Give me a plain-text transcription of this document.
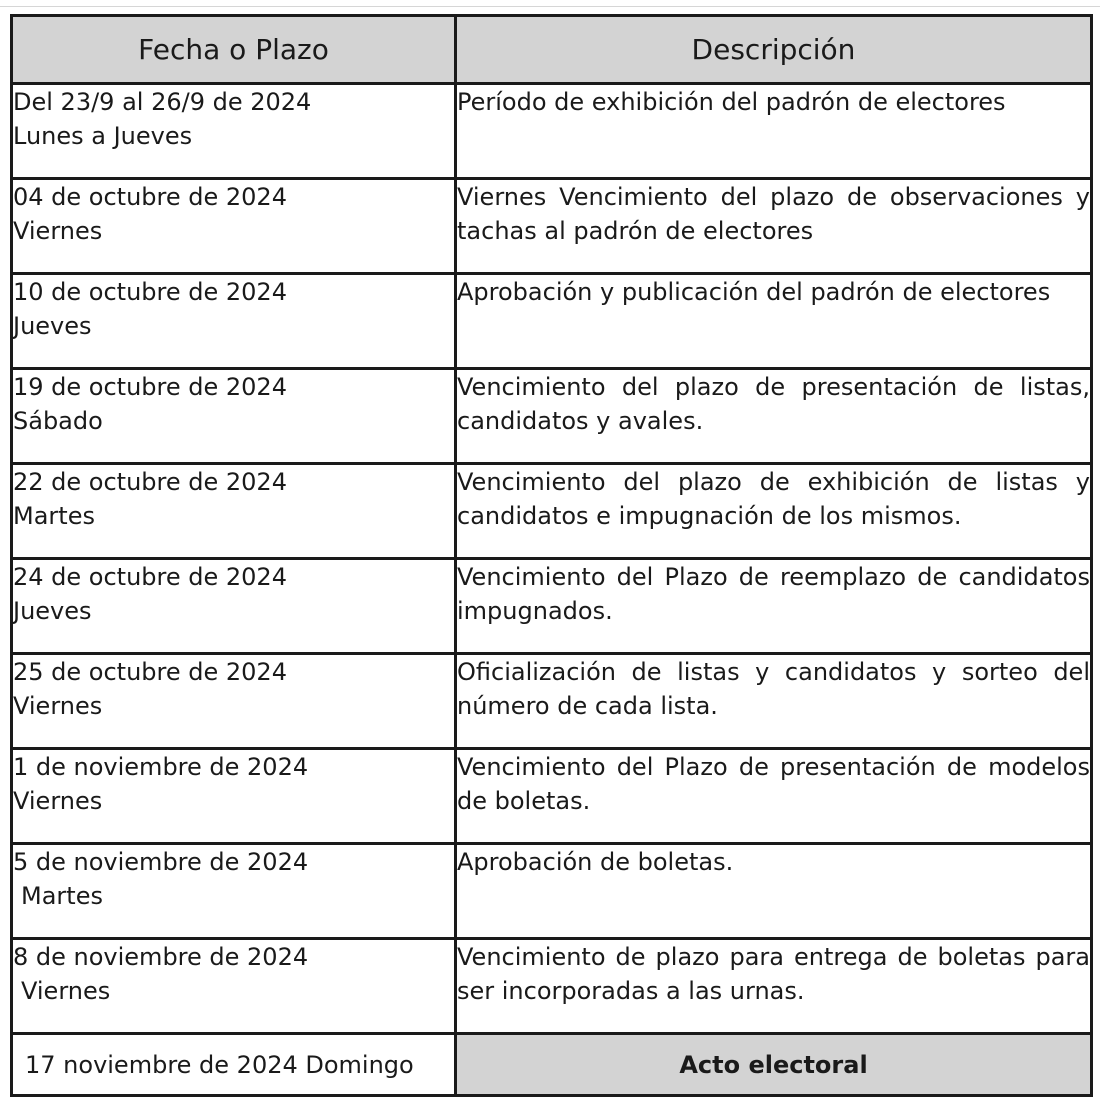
Fecha o Plazo	Descripción

Del 23/9 al 26/9 de 2024
Lunes a Jueves	Período de exhibición del padrón de electores

04 de octubre de 2024
Viernes	Viernes Vencimiento del plazo de observaciones y tachas al padrón de electores

10 de octubre de 2024
Jueves	Aprobación y publicación del padrón de electores

19 de octubre de 2024
Sábado	Vencimiento del plazo de presentación de listas, candidatos y avales.

22 de octubre de 2024
Martes	Vencimiento del plazo de exhibición de listas y candidatos e impugnación de los mismos.

24 de octubre de 2024
Jueves	Vencimiento del Plazo de reemplazo de candidatos impugnados.

25 de octubre de 2024
Viernes	Oficialización de listas y candidatos y sorteo del número de cada lista.

1 de noviembre de 2024
Viernes	Vencimiento del Plazo de presentación de modelos de boletas.

5 de noviembre de 2024
Martes	Aprobación de boletas.

8 de noviembre de 2024
Viernes	Vencimiento de plazo para entrega de boletas para ser incorporadas a las urnas.
17 noviembre de 2024 Domingo	Acto electoral
